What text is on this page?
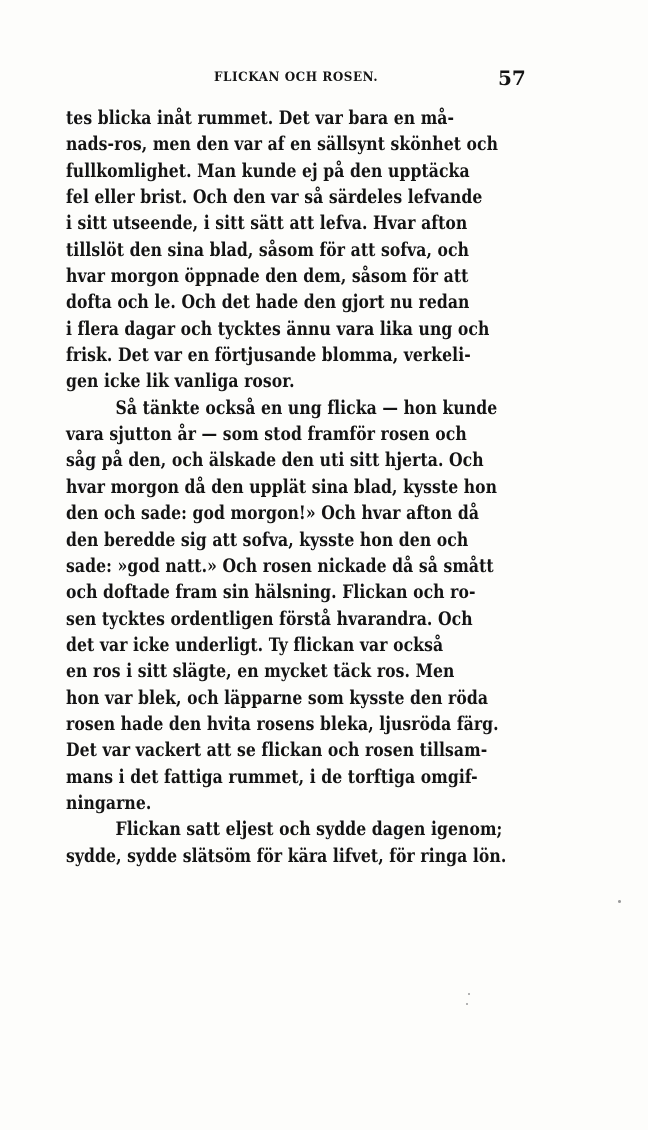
FLICKAN OCH ROSEN.	57
tes blicka inåt rummet. Det var bara en må-
nads-ros, men den var af en sällsynt skönhet och
fullkomlighet. Man kunde ej på den upptäcka
fel eller brist. Och den var så särdeles lefvande
i sitt utseende, i sitt sätt att lefva. Hvar afton
tillslöt den sina blad, såsom för att sofva, och
hvar morgon öppnade den dem, såsom för att
dofta och le. Och det hade den gjort nu redan
i flera dagar och tycktes ännu vara lika ung och
frisk. Det var en förtjusande blomma, verkeli-
gen icke lik vanliga rosor.
Så tänkte också en ung flicka — hon kunde
vara sjutton år — som stod framför rosen och
såg på den, och älskade den uti sitt hjerta. Och
hvar morgon då den upplät sina blad, kysste hon
den och sade: god morgon!» Och hvar afton då
den beredde sig att sofva, kysste hon den och
sade: »god natt.» Och rosen nickade då så smått
och doftade fram sin hälsning. Flickan och ro-
sen tycktes ordentligen förstå hvarandra. Och
det var icke underligt. Ty flickan var också
en ros i sitt slägte, en mycket täck ros. Men
hon var blek, och läpparne som kysste den röda
rosen hade den hvita rosens bleka, ljusröda färg.
Det var vackert att se flickan och rosen tillsam-
mans i det fattiga rummet, i de torftiga omgif-
ningarne.
Flickan satt eljest och sydde dagen igenom;
sydde, sydde slätsöm för kära lifvet, för ringa lön.
